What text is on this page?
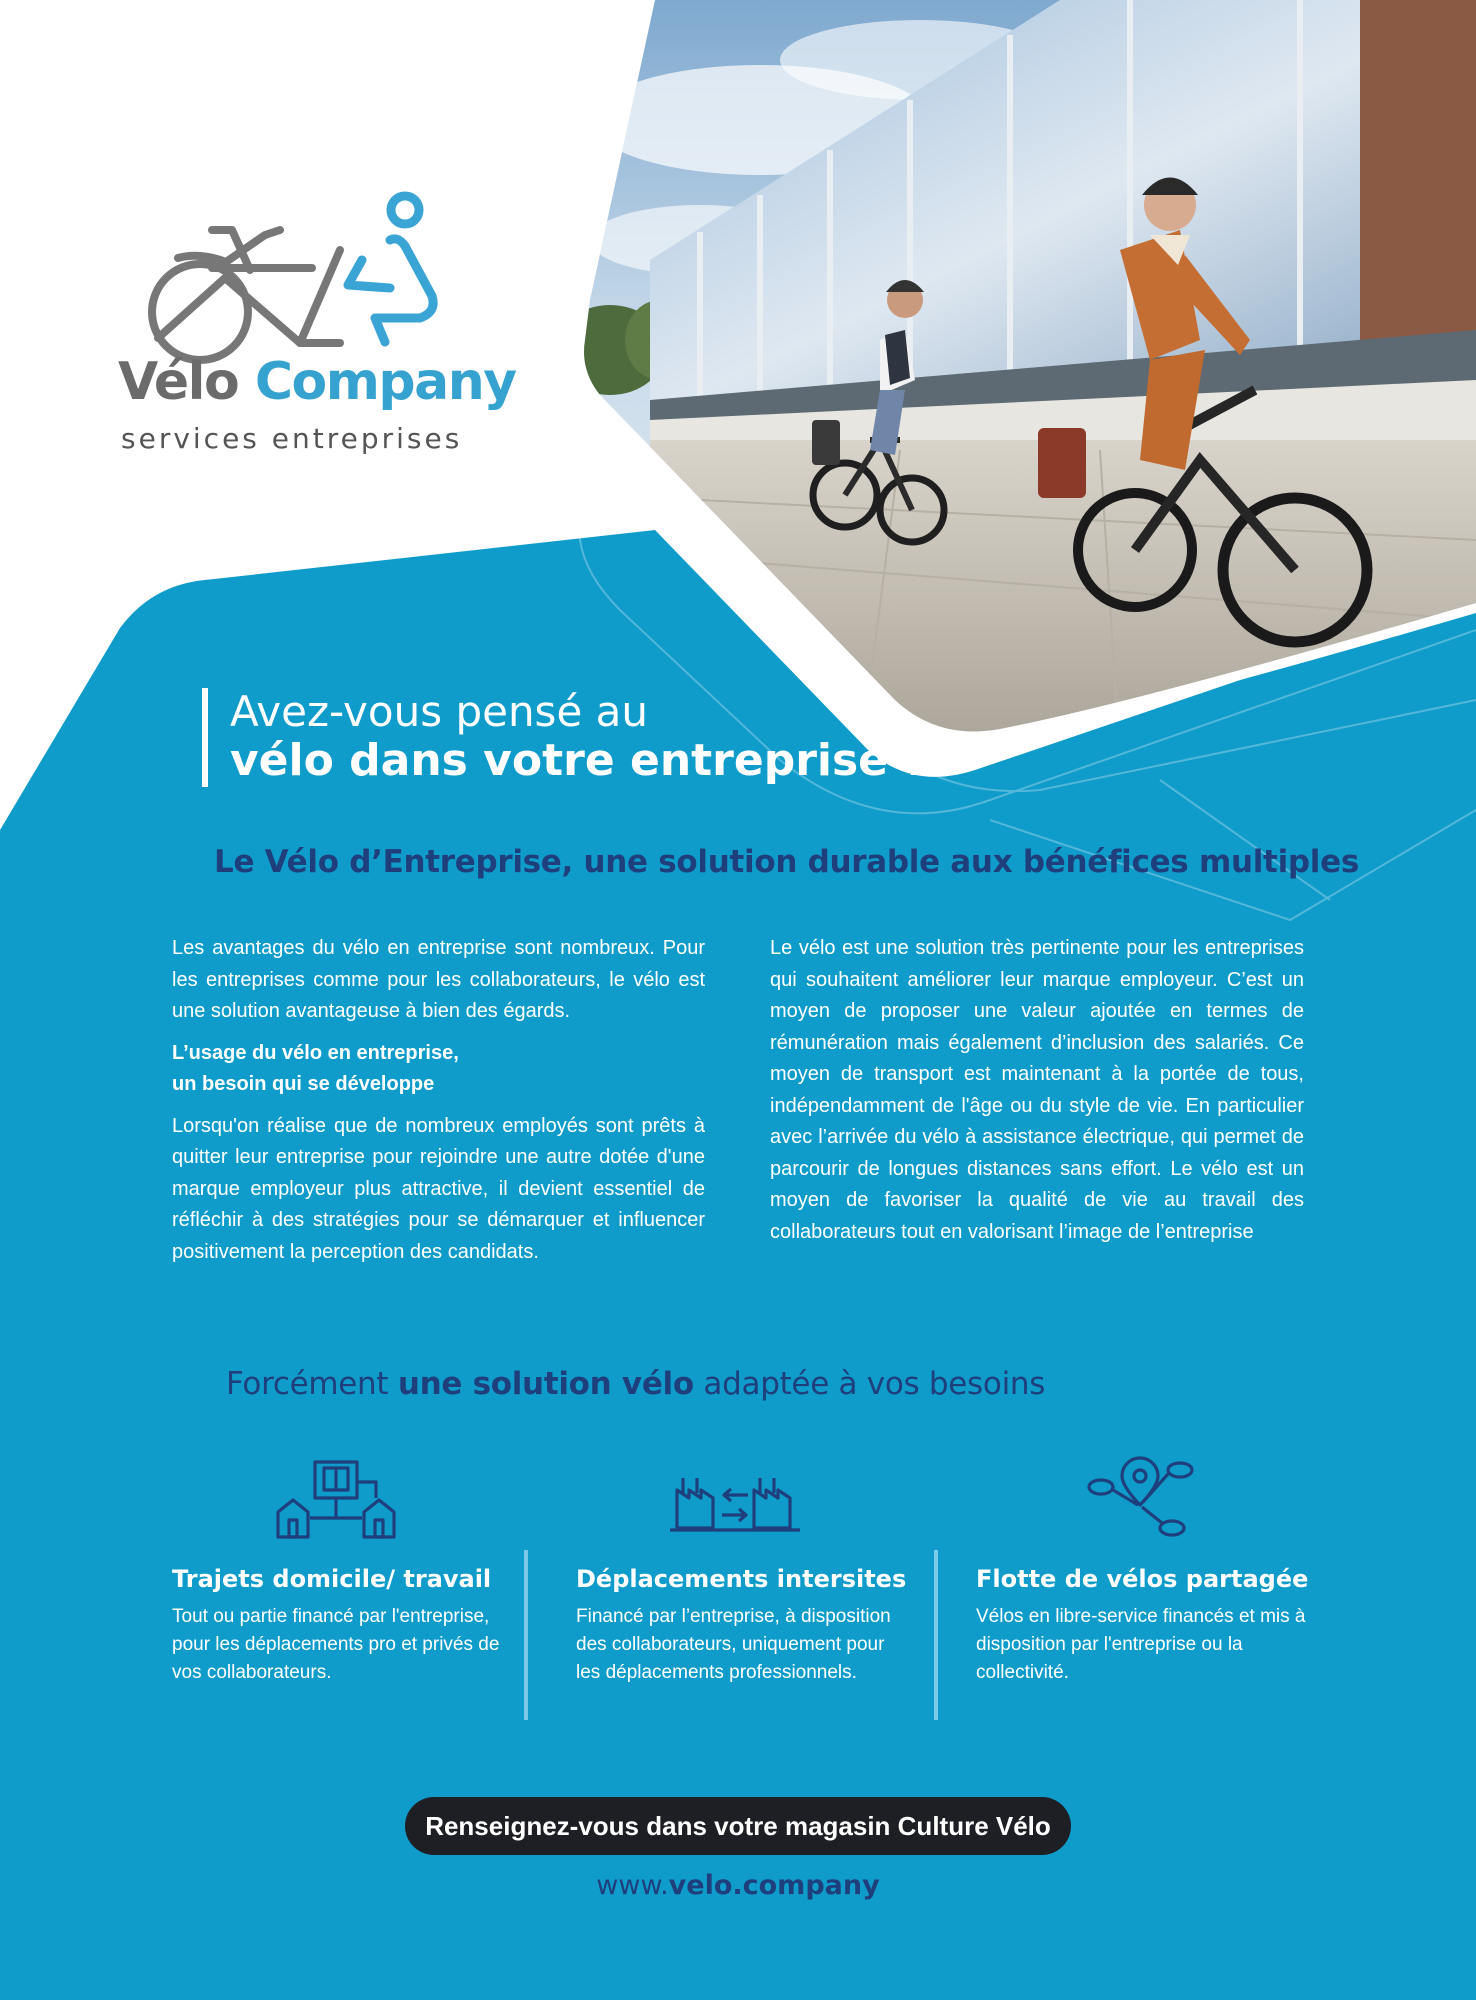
Vélo Company
services entreprises
Avez-vous pensé au
vélo dans votre entreprise ?
Le Vélo d’Entreprise, une solution durable aux bénéfices multiples

Les avantages du vélo en entreprise sont nombreux. Pour les entreprises comme pour les collaborateurs, le vélo est une solution avantageuse à bien des égards.

L’usage du vélo en entreprise,
un besoin qui se développe

Lorsqu'on réalise que de nombreux employés sont prêts à quitter leur entreprise pour rejoindre une autre dotée d'une marque employeur plus attractive, il devient essentiel de réfléchir à des stratégies pour se démarquer et influencer positivement la perception des candidats.

Le vélo est une solution très pertinente pour les entreprises qui souhaitent améliorer leur marque employeur. C’est un moyen de proposer une valeur ajoutée en termes de rémunération mais également d’inclusion des salariés. Ce moyen de transport est maintenant à la portée de tous, indépendamment de l'âge ou du style de vie. En particulier avec l’arrivée du vélo à assistance électrique, qui permet de parcourir de longues distances sans effort. Le vélo est un moyen de favoriser la qualité de vie au travail des collaborateurs tout en valorisant l’image de l’entreprise

Forcément une solution vélo adaptée à vos besoins
Trajets domicile/ travail

Tout ou partie financé par l'entreprise, pour les déplacements pro et privés de vos collaborateurs.

Déplacements intersites

Financé par l’entreprise, à disposition des collaborateurs, uniquement pour les déplacements professionnels.

Flotte de vélos partagée

Vélos en libre-service financés et mis à disposition par l'entreprise ou la collectivité.

Renseignez-vous dans votre magasin Culture Vélo
www.velo.company
